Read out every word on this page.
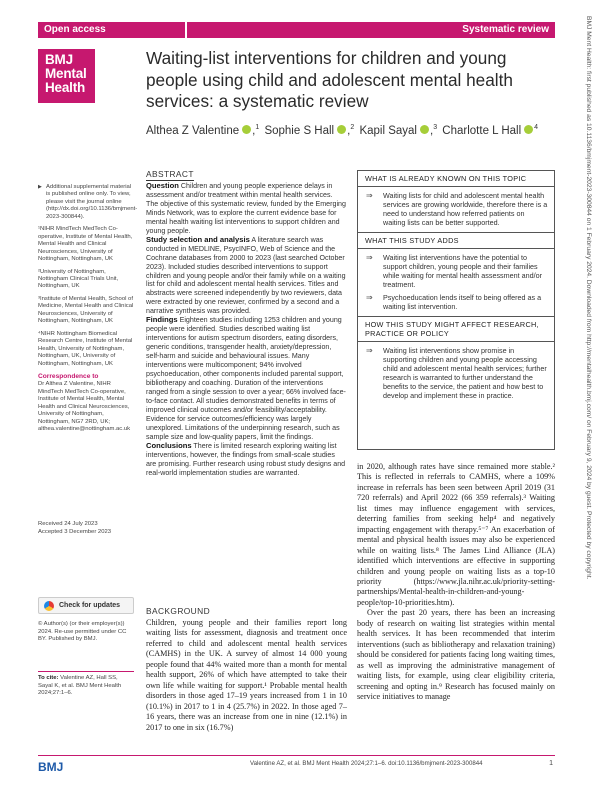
Open access	Systematic review
BMJ
Mental
Health
Waiting-list interventions for children and young people using child and adolescent mental health services: a systematic review
Althea Z Valentine ,$^1$ Sophie S Hall ,$^2$ Kapil Sayal ,$^3$ Charlotte L Hall $^4$

▶ Additional supplemental material is published online only. To view, please visit the journal online (http://dx.doi.org/10.1136/bmjment-2023-300844).

¹NIHR MindTech MedTech Co-operative, Institute of Mental Health, Mental Health and Clinical Neurosciences, University of Nottingham, Nottingham, UK

²University of Nottingham, Nottingham Clinical Trials Unit, Nottingham, UK

³Institute of Mental Health, School of Medicine, Mental Health and Clinical Neurosciences, University of Nottingham, Nottingham, UK

⁴NIHR Nottingham Biomedical Research Centre, Institute of Mental Health, University of Nottingham, Nottingham, UK, University of Nottingham, Nottingham, UK

Correspondence to

Dr Althea Z Valentine, NIHR MindTech MedTech Co-operative, Institute of Mental Health, Mental Health and Clinical Neurosciences, University of Nottingham, Nottingham, NG7 2RD, UK; althea.valentine@nottingham.ac.uk

Received 24 July 2023
Accepted 3 December 2023
Check for updates
© Author(s) (or their employer(s)) 2024. Re-use permitted under CC BY. Published by BMJ.
To cite: Valentine AZ, Hall SS, Sayal K, et al. BMJ Ment Health 2024;27:1–6.
ABSTRACT

Question Children and young people experience delays in assessment and/or treatment within mental health services. The objective of this systematic review, funded by the Emerging Minds Network, was to explore the current evidence base for mental health waiting list interventions to support children and young people.

Study selection and analysis A literature search was conducted in MEDLINE, PsycINFO, Web of Science and the Cochrane databases from 2000 to 2023 (last searched October 2023). Included studies described interventions to support children and young people and/or their family while on a waiting list for child and adolescent mental health services. Titles and abstracts were screened independently by two reviewers, data were extracted by one reviewer, confirmed by a second and a narrative synthesis was provided.

Findings Eighteen studies including 1253 children and young people were identified. Studies described waiting list interventions for autism spectrum disorders, eating disorders, generic conditions, transgender health, anxiety/depression, self-harm and suicide and behavioural issues. Many interventions were multicomponent; 94% involved psychoeducation, other components included parental support, bibliotherapy and coaching. Duration of the interventions ranged from a single session to over a year; 66% involved face-to-face contact. All studies demonstrated benefits in terms of improved clinical outcomes and/or feasibility/acceptability. Evidence for service outcomes/efficiency was largely unexplored. Limitations of the underpinning research, such as sample size and low-quality papers, limit the findings.

Conclusions There is limited research exploring waiting list interventions, however, the findings from small-scale studies are promising. Further research using robust study designs and real-world implementation studies are warranted.

WHAT IS ALREADY KNOWN ON THIS TOPIC
⇒ Waiting lists for child and adolescent mental health services are growing worldwide, therefore there is a need to understand how referred patients on waiting lists can be better supported.
WHAT THIS STUDY ADDS
⇒ Waiting list interventions have the potential to support children, young people and their families while waiting for mental health assessment and/or treatment.
⇒ Psychoeducation lends itself to being offered as a waiting list intervention.
HOW THIS STUDY MIGHT AFFECT RESEARCH, PRACTICE OR POLICY
⇒ Waiting list interventions show promise in supporting children and young people accessing child and adolescent mental health services; further research is warranted to further understand the benefits to the service, the patient and how best to develop and implement these in practice.
BACKGROUND
Children, young people and their families report long waiting lists for assessment, diagnosis and treatment once referred to child and adolescent mental health services (CAMHS) in the UK. A survey of almost 14 000 young people found that 44% waited more than a month for mental health support, 26% of which have attempted to take their own life while waiting for support.¹ Probable mental health disorders in those aged 17–19 years increased from 1 in 10 (10.1%) in 2017 to 1 in 4 (25.7%) in 2022. In those aged 7–16 years, there was an increase from one in nine (12.1%) in 2017 to one in six (16.7%)

in 2020, although rates have since remained more stable.² This is reflected in referrals to CAMHS, where a 109% increase in referrals has been seen between April 2019 (31 720 referrals) and April 2022 (66 359 referrals).³ Waiting list times may influence engagement with services, deterring families from seeking help⁴ and negatively impacting engagement with therapy.⁵⁻⁷ An exacerbation of mental and physical health issues may also be experienced while on waiting lists.⁸ The James Lind Alliance (JLA) identified which interventions are effective in supporting children and young people on waiting lists as a top-10 priority (https://www.jla.nihr.ac.uk/priority-setting-partnerships/Mental-health-in-children-and-young-people/top-10-priorities.htm).

Over the past 20 years, there has been an increasing body of research on waiting list strategies within mental health services. It has been recommended that interim interventions (such as bibliotherapy and relaxation training) should be considered for patients facing long waiting times, as well as improving the administrative management of waiting lists, for example, using clear eligibility criteria, screening and opting in.⁹ Research has focused mainly on service initiatives to manage

BMJ	Valentine AZ, et al. BMJ Ment Health 2024;27:1–6. doi:10.1136/bmjment-2023-300844	1
BMJ Ment Health: first published as 10.1136/bmjment-2023-300844 on 1 February 2024. Downloaded from http://mentalhealth.bmj.com/ on February 9, 2024 by guest. Protected by copyright.
